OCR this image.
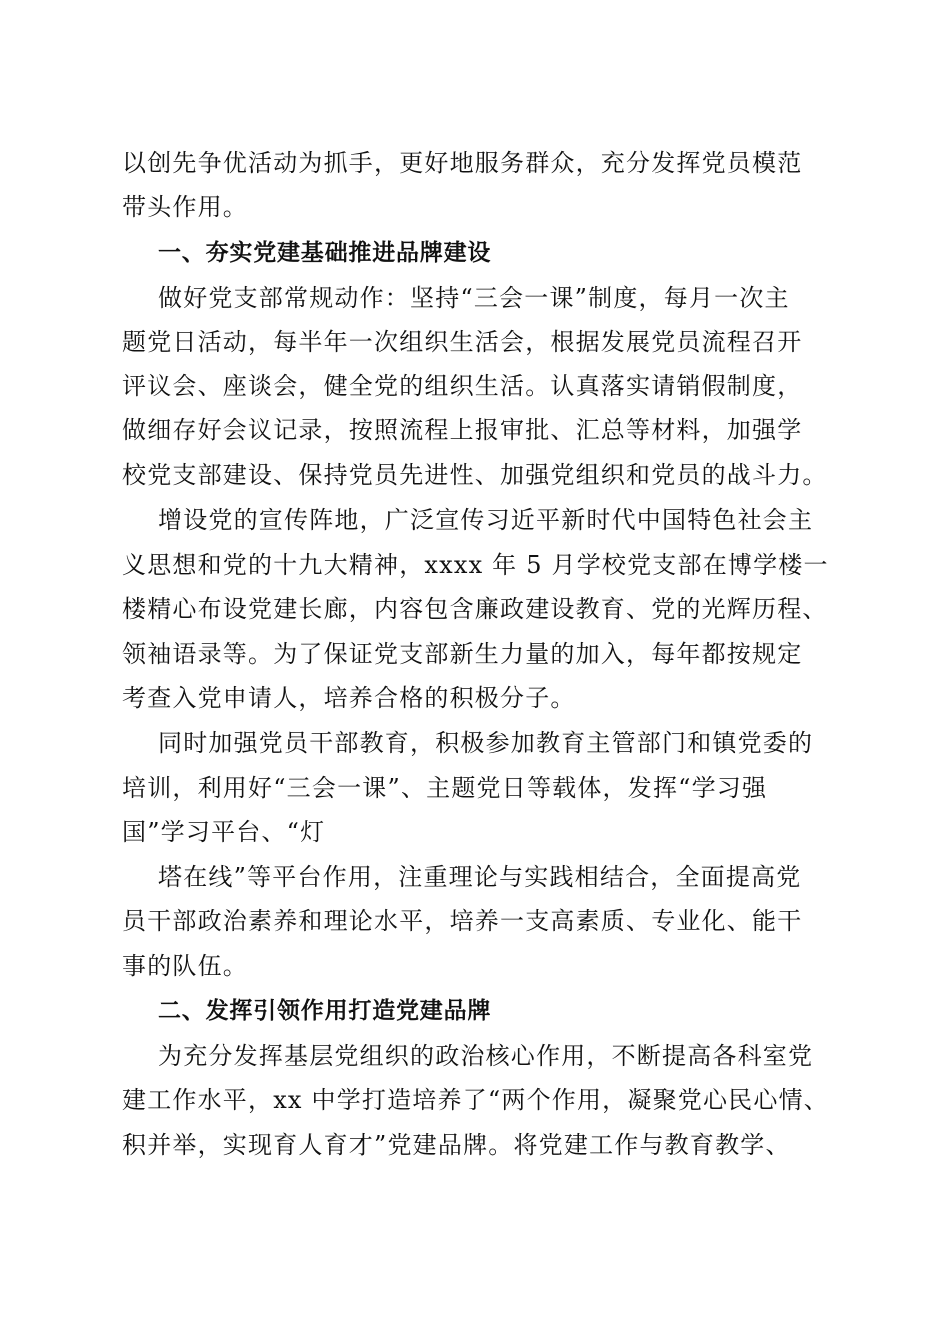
以创先争优活动为抓手，更好地服务群众，充分发挥党员模范
带头作用。
一、夯实党建基础推进品牌建设
做好党支部常规动作：坚持“三会一课”制度，每月一次主
题党日活动，每半年一次组织生活会，根据发展党员流程召开
评议会、座谈会，健全党的组织生活。认真落实请销假制度，
做细存好会议记录，按照流程上报审批、汇总等材料，加强学
校党支部建设、保持党员先进性、加强党组织和党员的战斗力。
增设党的宣传阵地，广泛宣传习近平新时代中国特色社会主
义思想和党的十九大精神，xxxx 年 5 月学校党支部在博学楼一
楼精心布设党建长廊，内容包含廉政建设教育、党的光辉历程、
领袖语录等。为了保证党支部新生力量的加入，每年都按规定
考查入党申请人，培养合格的积极分子。
同时加强党员干部教育，积极参加教育主管部门和镇党委的
培训，利用好“三会一课”、主题党日等载体，发挥“学习强
国”学习平台、“灯
塔在线”等平台作用，注重理论与实践相结合，全面提高党
员干部政治素养和理论水平，培养一支高素质、专业化、能干
事的队伍。
二、发挥引领作用打造党建品牌
为充分发挥基层党组织的政治核心作用，不断提高各科室党
建工作水平，xx 中学打造培养了“两个作用，凝聚党心民心情、
积并举，实现育人育才”党建品牌。将党建工作与教育教学、
